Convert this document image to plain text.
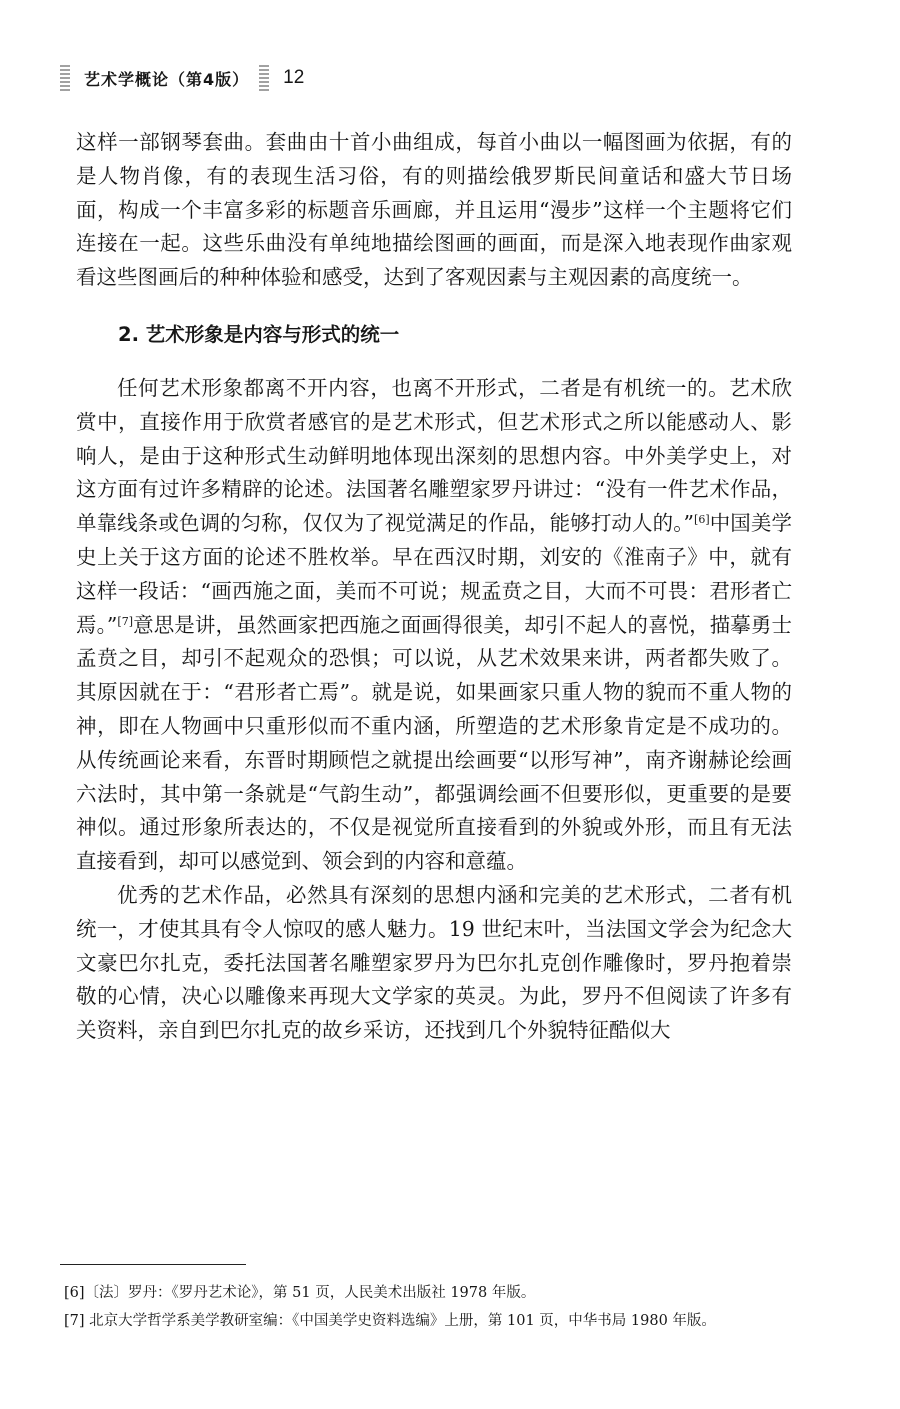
艺术学概论（第4版） 12

这样一部钢琴套曲。套曲由十首小曲组成，每首小曲以一幅图画为依据，有的是人物肖像，有的表现生活习俗，有的则描绘俄罗斯民间童话和盛大节日场面，构成一个丰富多彩的标题音乐画廊，并且运用“漫步”这样一个主题将它们连接在一起。这些乐曲没有单纯地描绘图画的画面，而是深入地表现作曲家观看这些图画后的种种体验和感受，达到了客观因素与主观因素的高度统一。

2. 艺术形象是内容与形式的统一

任何艺术形象都离不开内容，也离不开形式，二者是有机统一的。艺术欣赏中，直接作用于欣赏者感官的是艺术形式，但艺术形式之所以能感动人、影响人，是由于这种形式生动鲜明地体现出深刻的思想内容。中外美学史上，对这方面有过许多精辟的论述。法国著名雕塑家罗丹讲过：“没有一件艺术作品，单靠线条或色调的匀称，仅仅为了视觉满足的作品，能够打动人的。”[6]中国美学史上关于这方面的论述不胜枚举。早在西汉时期，刘安的《淮南子》中，就有这样一段话：“画西施之面，美而不可说；规孟贲之目，大而不可畏：君形者亡焉。”[7]意思是讲，虽然画家把西施之面画得很美，却引不起人的喜悦，描摹勇士孟贲之目，却引不起观众的恐惧；可以说，从艺术效果来讲，两者都失败了。其原因就在于：“君形者亡焉”。就是说，如果画家只重人物的貌而不重人物的神，即在人物画中只重形似而不重内涵，所塑造的艺术形象肯定是不成功的。从传统画论来看，东晋时期顾恺之就提出绘画要“以形写神”，南齐谢赫论绘画六法时，其中第一条就是“气韵生动”，都强调绘画不但要形似，更重要的是要神似。通过形象所表达的，不仅是视觉所直接看到的外貌或外形，而且有无法直接看到，却可以感觉到、领会到的内容和意蕴。

优秀的艺术作品，必然具有深刻的思想内涵和完美的艺术形式，二者有机统一，才使其具有令人惊叹的感人魅力。19 世纪末叶，当法国文学会为纪念大文豪巴尔扎克，委托法国著名雕塑家罗丹为巴尔扎克创作雕像时，罗丹抱着崇敬的心情，决心以雕像来再现大文学家的英灵。为此，罗丹不但阅读了许多有关资料，亲自到巴尔扎克的故乡采访，还找到几个外貌特征酷似大

[6]〔法〕罗丹：《罗丹艺术论》，第 51 页，人民美术出版社 1978 年版。
[7] 北京大学哲学系美学教研室编：《中国美学史资料选编》上册，第 101 页，中华书局 1980 年版。
